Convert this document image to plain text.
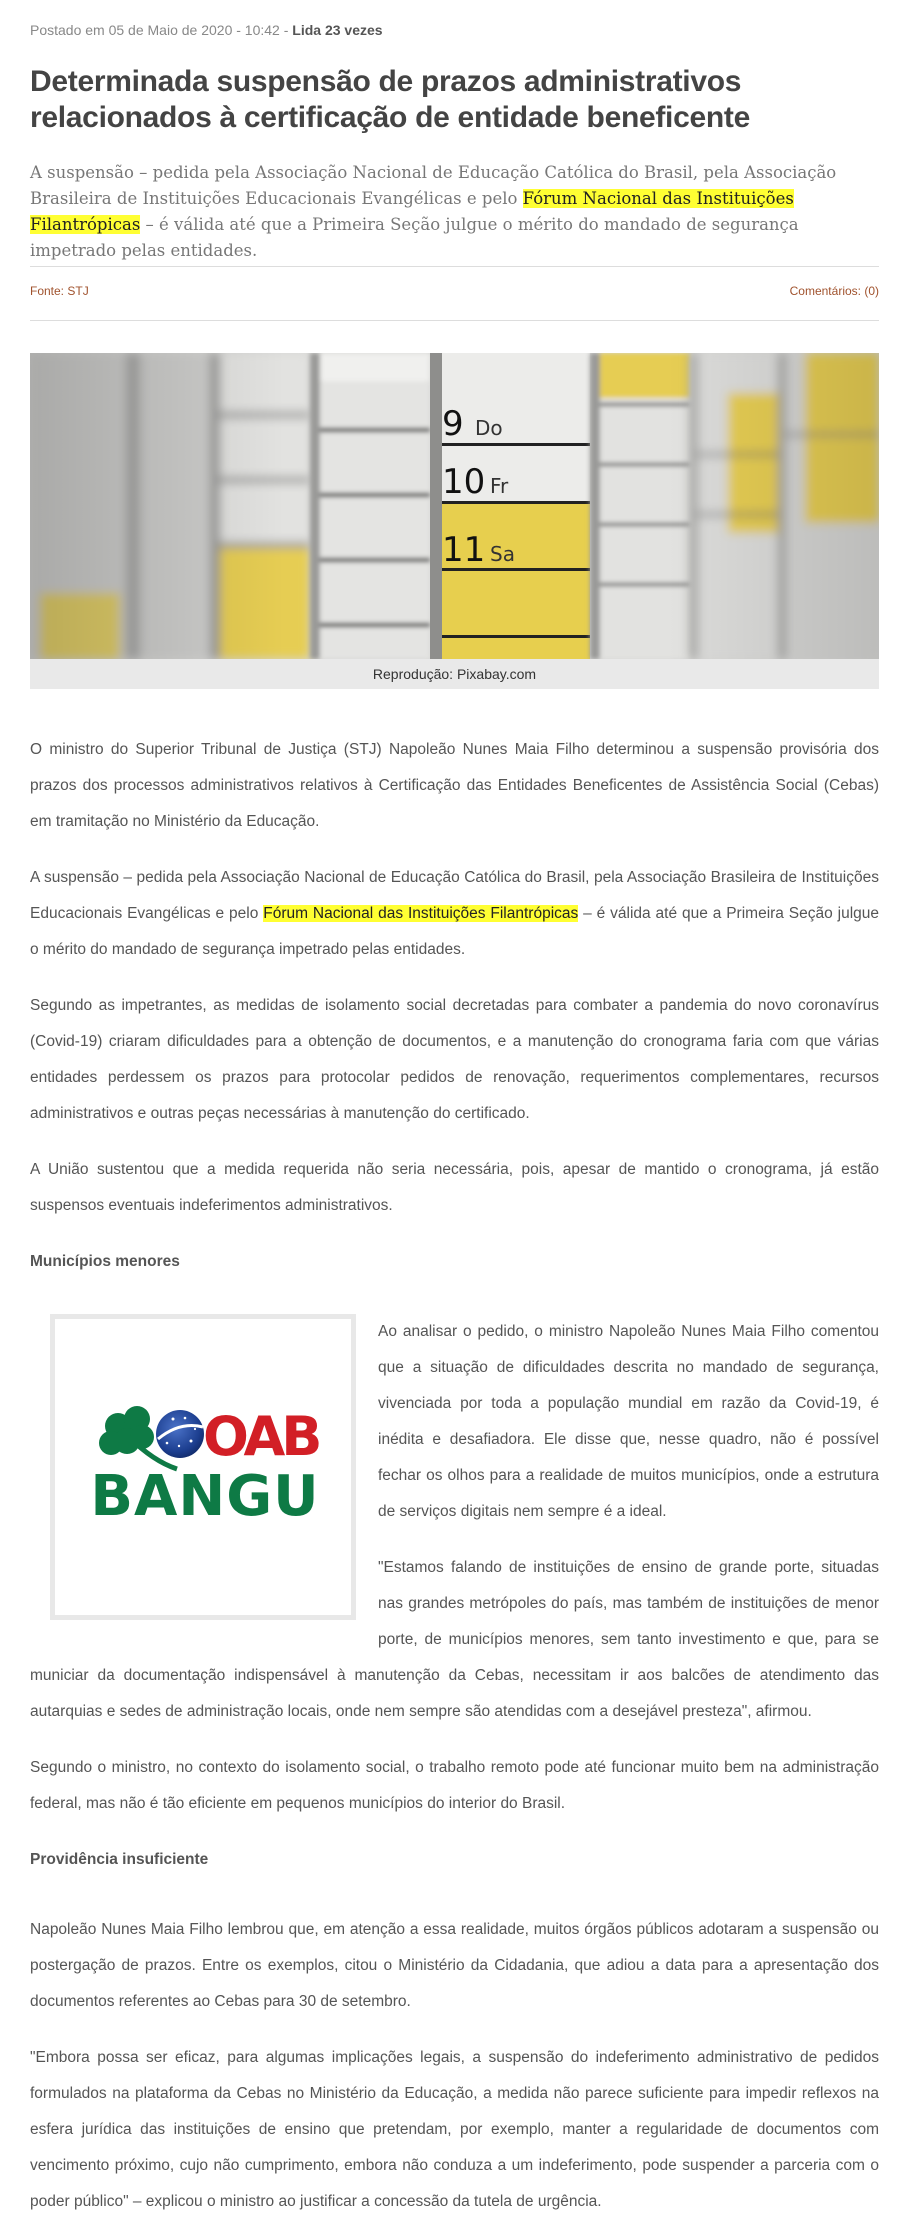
Postado em 05 de Maio de 2020 - 10:42 - Lida 23 vezes
Determinada suspensão de prazos administrativos relacionados à certificação de entidade beneficente

A suspensão – pedida pela Associação Nacional de Educação Católica do Brasil, pela Associação Brasileira de Instituições Educacionais Evangélicas e pelo Fórum Nacional das Instituições Filantrópicas – é válida até que a Primeira Seção julgue o mérito do mandado de segurança impetrado pelas entidades.

Fonte: STJ	Comentários: (0)
Reprodução: Pixabay.com

O ministro do Superior Tribunal de Justiça (STJ) Napoleão Nunes Maia Filho determinou a suspensão provisória dos prazos dos processos administrativos relativos à Certificação das Entidades Beneficentes de Assistência Social (Cebas) em tramitação no Ministério da Educação.

A suspensão – pedida pela Associação Nacional de Educação Católica do Brasil, pela Associação Brasileira de Instituições Educacionais Evangélicas e pelo Fórum Nacional das Instituições Filantrópicas – é válida até que a Primeira Seção julgue o mérito do mandado de segurança impetrado pelas entidades.

Segundo as impetrantes, as medidas de isolamento social decretadas para combater a pandemia do novo coronavírus (Covid-19) criaram dificuldades para a obtenção de documentos, e a manutenção do cronograma faria com que várias entidades perdessem os prazos para protocolar pedidos de renovação, requerimentos complementares, recursos administrativos e outras peças necessárias à manutenção do certificado.

A União sustentou que a medida requerida não seria necessária, pois, apesar de mantido o cronograma, já estão suspensos eventuais indeferimentos administrativos.

Municípios menores
OAB
BANGU

Ao analisar o pedido, o ministro Napoleão Nunes Maia Filho comentou que a situação de dificuldades descrita no mandado de segurança, vivenciada por toda a população mundial em razão da Covid-19, é inédita e desafiadora. Ele disse que, nesse quadro, não é possível fechar os olhos para a realidade de muitos municípios, onde a estrutura de serviços digitais nem sempre é a ideal.

"Estamos falando de instituições de ensino de grande porte, situadas nas grandes metrópoles do país, mas também de instituições de menor porte, de municípios menores, sem tanto investimento e que, para se municiar da documentação indispensável à manutenção da Cebas, necessitam ir aos balcões de atendimento das autarquias e sedes de administração locais, onde nem sempre são atendidas com a desejável presteza", afirmou.

Segundo o ministro, no contexto do isolamento social, o trabalho remoto pode até funcionar muito bem na administração federal, mas não é tão eficiente em pequenos municípios do interior do Brasil.

Providência insuficiente

Napoleão Nunes Maia Filho lembrou que, em atenção a essa realidade, muitos órgãos públicos adotaram a suspensão ou postergação de prazos. Entre os exemplos, citou o Ministério da Cidadania, que adiou a data para a apresentação dos documentos referentes ao Cebas para 30 de setembro.

"Embora possa ser eficaz, para algumas implicações legais, a suspensão do indeferimento administrativo de pedidos formulados na plataforma da Cebas no Ministério da Educação, a medida não parece suficiente para impedir reflexos na esfera jurídica das instituições de ensino que pretendam, por exemplo, manter a regularidade de documentos com vencimento próximo, cujo não cumprimento, embora não conduza a um indeferimento, pode suspender a parceria com o poder público" – explicou o ministro ao justificar a concessão da tutela de urgência.
